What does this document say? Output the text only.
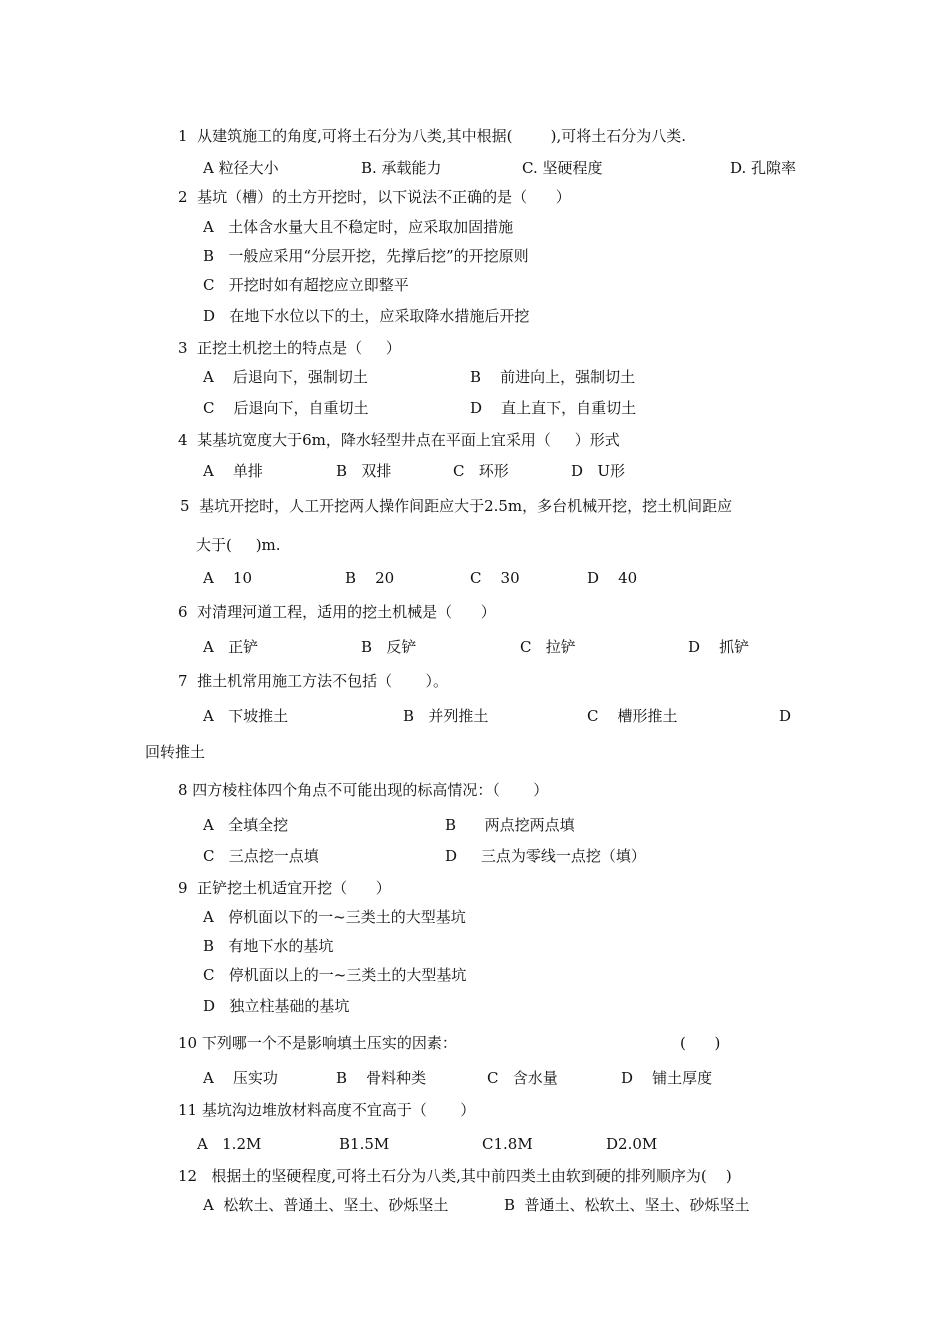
1  从建筑施工的角度,可将土石分为八类,其中根据(        ),可将土石分为八类.
A 粒径大小	B. 承载能力	C. 坚硬程度	D. 孔隙率
2  基坑（槽）的土方开挖时，以下说法不正确的是（      ）
A   土体含水量大且不稳定时，应采取加固措施
B   一般应采用“分层开挖，先撑后挖”的开挖原则
C   开挖时如有超挖应立即整平
D   在地下水位以下的土，应采取降水措施后开挖
3  正挖土机挖土的特点是（     ）
A    后退向下，强制切土	B    前进向上，强制切土
C    后退向下，自重切土	D    直上直下，自重切土
4  某基坑宽度大于6m，降水轻型井点在平面上宜采用（     ）形式
A    单排	B   双排	C   环形	D   U形
5  基坑开挖时，人工开挖两人操作间距应大于2.5m，多台机械开挖，挖土机间距应
大于(     )m.
A    10	B    20	C    30	D    40
6  对清理河道工程，适用的挖土机械是（      ）
A   正铲	B   反铲	C   拉铲	D    抓铲
7  推土机常用施工方法不包括（       ）。
A   下坡推土	B   并列推土	C    槽形推土	D
回转推土
8 四方棱柱体四个角点不可能出现的标高情况：（       ）
A   全填全挖	B      两点挖两点填
C   三点挖一点填	D     三点为零线一点挖（填）
9  正铲挖土机适宜开挖（      ）
A   停机面以下的一~三类土的大型基坑
B   有地下水的基坑
C   停机面以上的一~三类土的大型基坑
D   独立柱基础的基坑
10 下列哪一个不是影响填土压实的因素：	(      )
A    压实功	B    骨料种类	C   含水量	D    铺土厚度
11 基坑沟边堆放材料高度不宜高于（       ）
A   1.2M	B1.5M	C1.8M	D2.0M
12   根据土的坚硬程度,可将土石分为八类,其中前四类土由软到硬的排列顺序为(    )
A  松软土、普通土、坚土、砂烁坚土	B  普通土、松软土、坚土、砂烁坚土
